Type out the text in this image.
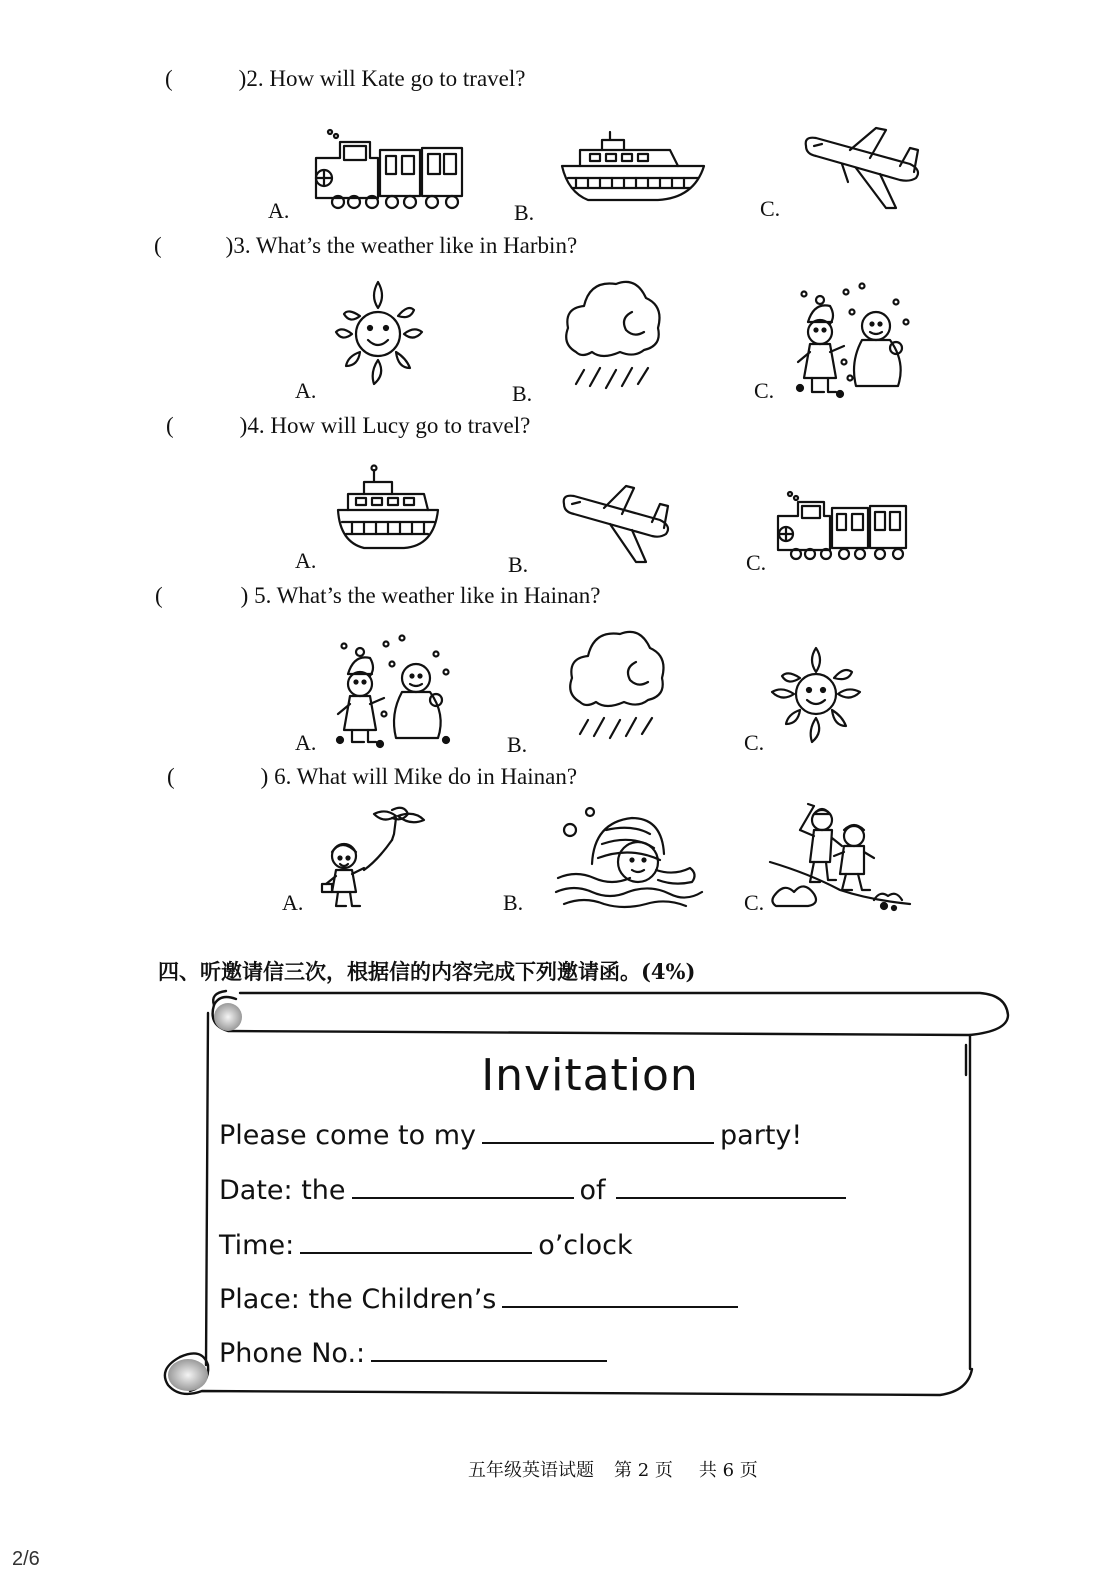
(	)2. How will Kate go to travel?
A.	B.	C.
(	)3. What’s the weather like in Harbin?
A.	B.	C.
(	)4. How will Lucy go to travel?
A.	B.	C.
(	) 5. What’s the weather like in Hainan?
A.	B.	C.
(	) 6. What will Mike do in Hainan?
A.	B.	C.
四、听邀请信三次，根据信的内容完成下列邀请函。(4%)
Invitation
Please come to my	party!
Date: the	of
Time:	o’clock
Place: the Children’s
Phone No.:
五年级英语试题 第 2 页 共 6 页
2/6
